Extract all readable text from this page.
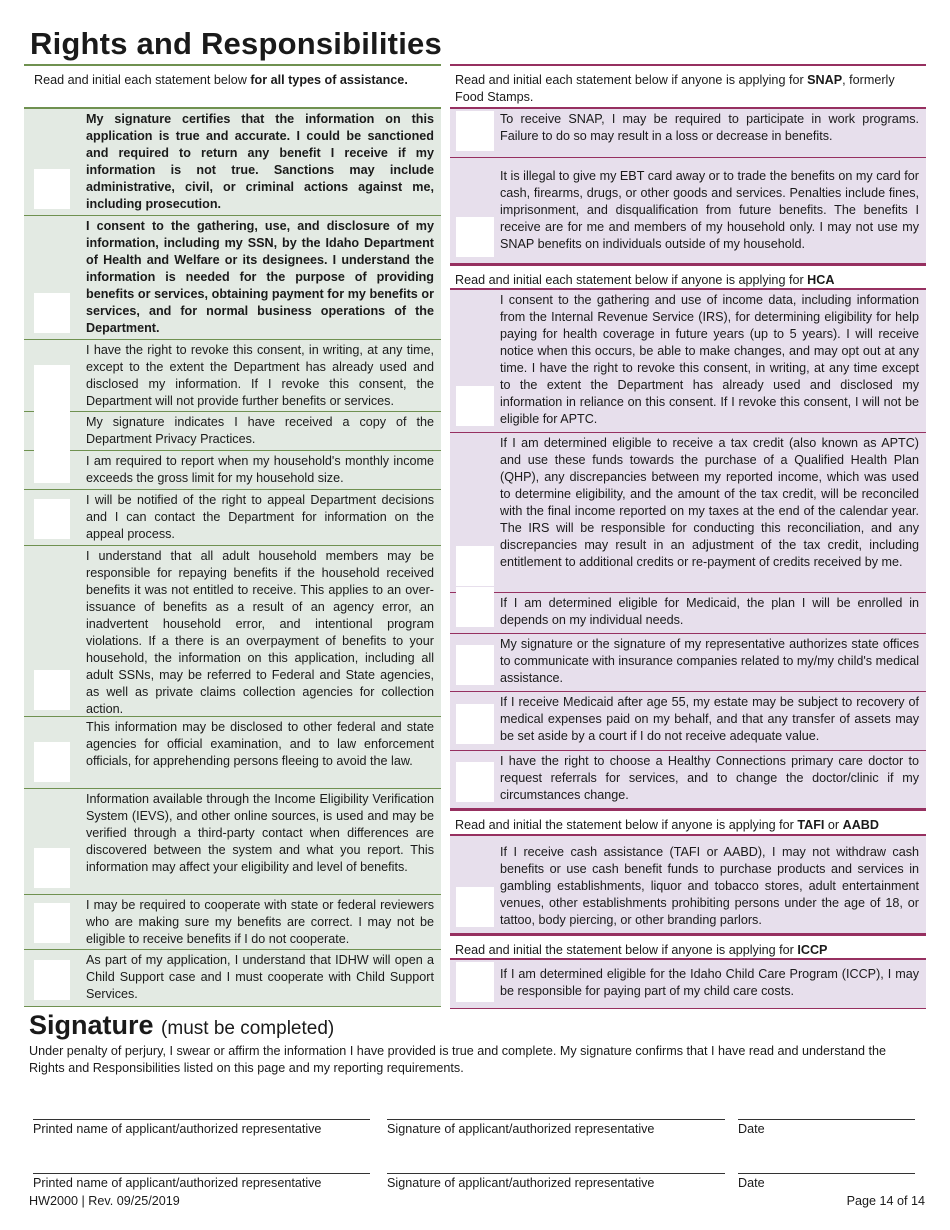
Rights and Responsibilities
Read and initial each statement below for all types of assistance.
My signature certifies that the information on this application is true and accurate. I could be sanctioned and required to return any benefit I receive if my information is not true. Sanctions may include administrative, civil, or criminal actions against me, including prosecution.
I consent to the gathering, use, and disclosure of my information, including my SSN, by the Idaho Department of Health and Welfare or its designees. I understand the information is needed for the purpose of providing benefits or services, obtaining payment for my benefits or services, and for normal business operations of the Department.
I have the right to revoke this consent, in writing, at any time, except to the extent the Department has already used and disclosed my information. If I revoke this consent, the Department will not provide further benefits or services.
My signature indicates I have received a copy of the Department Privacy Practices.
I am required to report when my household's monthly income exceeds the gross limit for my household size.
I will be notified of the right to appeal Department decisions and I can contact the Department for information on the appeal process.
I understand that all adult household members may be responsible for repaying benefits if the household received benefits it was not entitled to receive. This applies to an over-issuance of benefits as a result of an agency error, an inadvertent household error, and intentional program violations. If a there is an overpayment of benefits to your household, the information on this application, including all adult SSNs, may be referred to Federal and State agencies, as well as private claims collection agencies for collection action.
This information may be disclosed to other federal and state agencies for official examination, and to law enforcement officials, for apprehending persons fleeing to avoid the law.
Information available through the Income Eligibility Verification System (IEVS), and other online sources, is used and may be verified through a third-party contact when differences are discovered between the system and what you report. This information may affect your eligibility and level of benefits.
I may be required to cooperate with state or federal reviewers who are making sure my benefits are correct. I may not be eligible to receive benefits if I do not cooperate.
As part of my application, I understand that IDHW will open a Child Support case and I must cooperate with Child Support Services.
Read and initial each statement below if anyone is applying for SNAP, formerly Food Stamps.
To receive SNAP, I may be required to participate in work programs. Failure to do so may result in a loss or decrease in benefits.
It is illegal to give my EBT card away or to trade the benefits on my card for cash, firearms, drugs, or other goods and services. Penalties include fines, imprisonment, and disqualification from future benefits. The benefits I receive are for me and members of my household only. I may not use my SNAP benefits on individuals outside of my household.
Read and initial each statement below if anyone is applying for HCA
I consent to the gathering and use of income data, including information from the Internal Revenue Service (IRS), for determining eligibility for help paying for health coverage in future years (up to 5 years). I will receive notice when this occurs, be able to make changes, and may opt out at any time. I have the right to revoke this consent, in writing, at any time except to the extent the Department has already used and disclosed my information in reliance on this consent. If I revoke this consent, I will not be eligible for APTC.
If I am determined eligible to receive a tax credit (also known as APTC) and use these funds towards the purchase of a Qualified Health Plan (QHP), any discrepancies between my reported income, which was used to determine eligibility, and the amount of the tax credit, will be reconciled with the final income reported on my taxes at the end of the calendar year. The IRS will be responsible for conducting this reconciliation, and any discrepancies may result in an adjustment of the tax credit, including entitlement to additional credits or re-payment of credits received by me.
If I am determined eligible for Medicaid, the plan I will be enrolled in depends on my individual needs.
My signature or the signature of my representative authorizes state offices to communicate with insurance companies related to my/my child's medical assistance.
If I receive Medicaid after age 55, my estate may be subject to recovery of medical expenses paid on my behalf, and that any transfer of assets may be set aside by a court if I do not receive adequate value.
I have the right to choose a Healthy Connections primary care doctor to request referrals for services, and to change the doctor/clinic if my circumstances change.
Read and initial the statement below if anyone is applying for TAFI or AABD
If I receive cash assistance (TAFI or AABD), I may not withdraw cash benefits or use cash benefit funds to purchase products and services in gambling establishments, liquor and tobacco stores, adult entertainment venues, other establishments prohibiting persons under the age of 18, or tattoo, body piercing, or other branding parlors.
Read and initial the statement below if anyone is applying for ICCP
If I am determined eligible for the Idaho Child Care Program (ICCP), I may be responsible for paying part of my child care costs.
Signature (must be completed)
Under penalty of perjury, I swear or affirm the information I have provided is true and complete. My signature confirms that I have read and understand the Rights and Responsibilities listed on this page and my reporting requirements.
Printed name of applicant/authorized representative	Signature of applicant/authorized representative	Date
Printed name of applicant/authorized representative	Signature of applicant/authorized representative	Date
HW2000 | Rev. 09/25/2019	Page 14 of 14
